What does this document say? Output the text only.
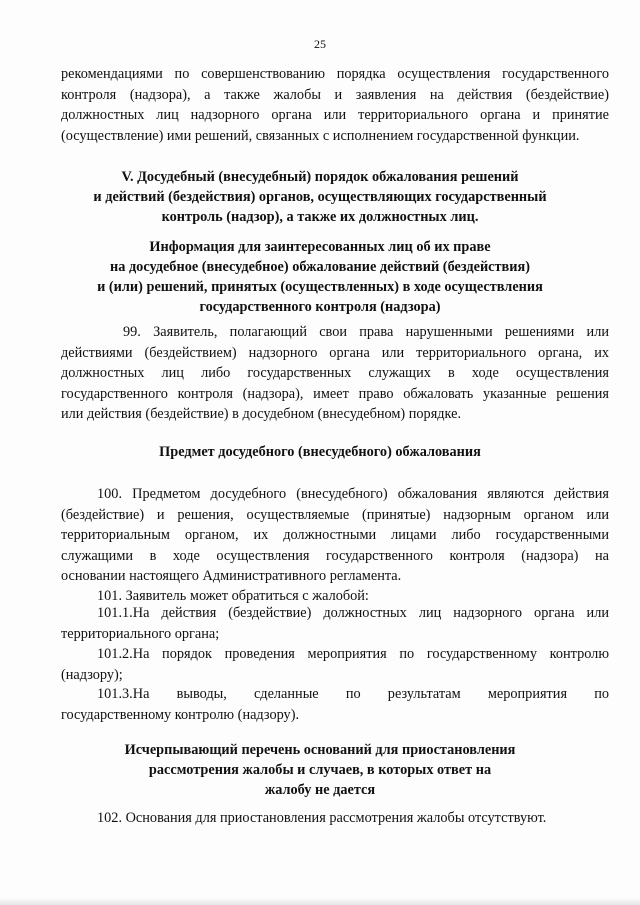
25
рекомендациями по совершенствованию порядка осуществления государственного
контроля (надзора), а также жалобы и заявления на действия (бездействие)
должностных лиц надзорного органа или территориального органа и принятие
(осуществление) ими решений, связанных с исполнением государственной функции.
V. Досудебный (внесудебный) порядок обжалования решений
и действий (бездействия) органов, осуществляющих государственный
контроль (надзор), а также их должностных лиц.
Информация для заинтересованных лиц об их праве
на досудебное (внесудебное) обжалование действий (бездействия)
и (или) решений, принятых (осуществленных) в ходе осуществления
государственного контроля (надзора)
99. Заявитель, полагающий свои права нарушенными решениями или
действиями (бездействием) надзорного органа или территориального органа, их
должностных лиц либо государственных служащих в ходе осуществления
государственного контроля (надзора), имеет право обжаловать указанные решения
или действия (бездействие) в досудебном (внесудебном) порядке.
Предмет досудебного (внесудебного) обжалования
100. Предметом досудебного (внесудебного) обжалования являются действия
(бездействие) и решения, осуществляемые (принятые) надзорным органом или
территориальным органом, их должностными лицами либо государственными
служащими в ходе осуществления государственного контроля (надзора) на
основании настоящего Административного регламента.
101. Заявитель может обратиться с жалобой:
101.1.На действия (бездействие) должностных лиц надзорного органа или
территориального органа;
101.2.На порядок проведения мероприятия по государственному контролю
(надзору);
101.3.На выводы, сделанные по результатам мероприятия по
государственному контролю (надзору).
Исчерпывающий перечень оснований для приостановления
рассмотрения жалобы и случаев, в которых ответ на
жалобу не дается
102. Основания для приостановления рассмотрения жалобы отсутствуют.
